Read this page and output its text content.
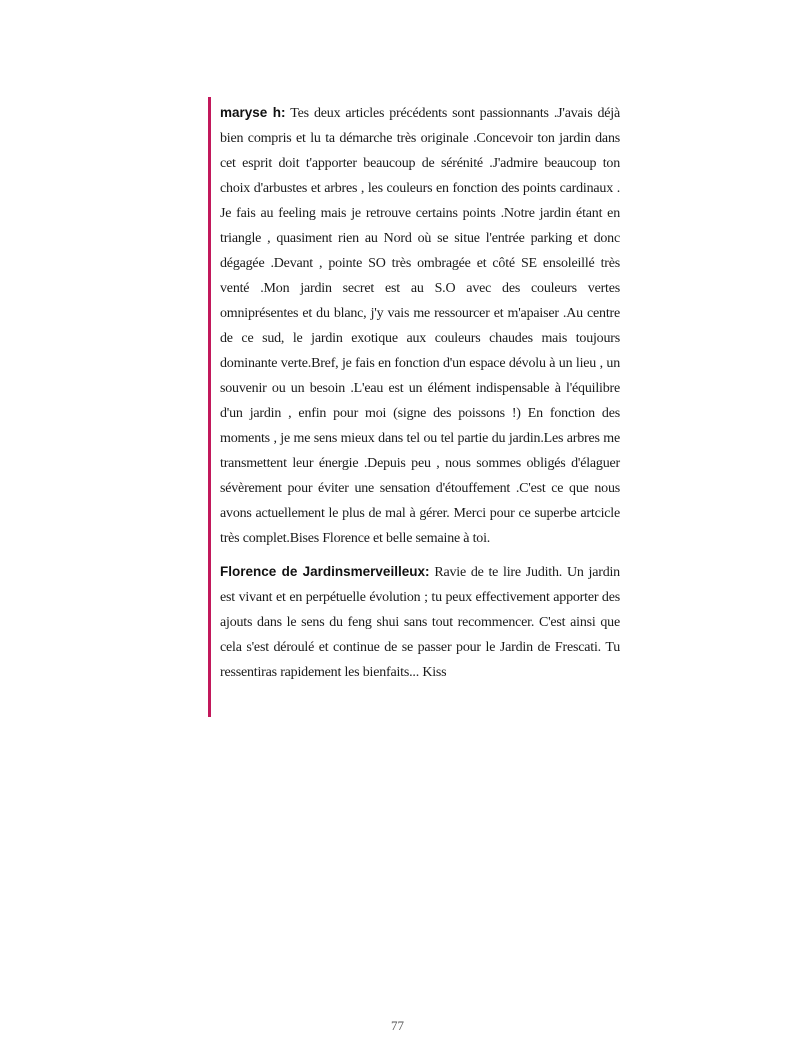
maryse h: Tes deux articles précédents sont passionnants .J'avais déjà bien compris et lu ta démarche très originale .Concevoir ton jardin dans cet esprit doit t'apporter beaucoup de sérénité .J'admire beaucoup ton choix d'arbustes et arbres , les couleurs en fonction des points cardinaux . Je fais au feeling mais je retrouve certains points .Notre jardin étant en triangle , quasiment rien au Nord où se situe l'entrée parking et donc dégagée .Devant , pointe SO très ombragée et côté SE ensoleillé très venté .Mon jardin secret est au S.O avec des couleurs vertes omniprésentes et du blanc, j'y vais me ressourcer et m'apaiser .Au centre de ce sud, le jardin exotique aux couleurs chaudes mais toujours dominante verte.Bref, je fais en fonction d'un espace dévolu à un lieu , un souvenir ou un besoin .L'eau est un élément indispensable à l'équilibre d'un jardin , enfin pour moi (signe des poissons !) En fonction des moments , je me sens mieux dans tel ou tel partie du jardin.Les arbres me transmettent leur énergie .Depuis peu , nous sommes obligés d'élaguer sévèrement pour éviter une sensation d'étouffement .C'est ce que nous avons actuellement le plus de mal à gérer. Merci pour ce superbe artcicle très complet.Bises Florence et belle semaine à toi.

Florence de Jardinsmerveilleux: Ravie de te lire Judith. Un jardin est vivant et en perpétuelle évolution ; tu peux effectivement apporter des ajouts dans le sens du feng shui sans tout recommencer. C'est ainsi que cela s'est déroulé et continue de se passer pour le Jardin de Frescati. Tu ressentiras rapidement les bienfaits... Kiss

77
